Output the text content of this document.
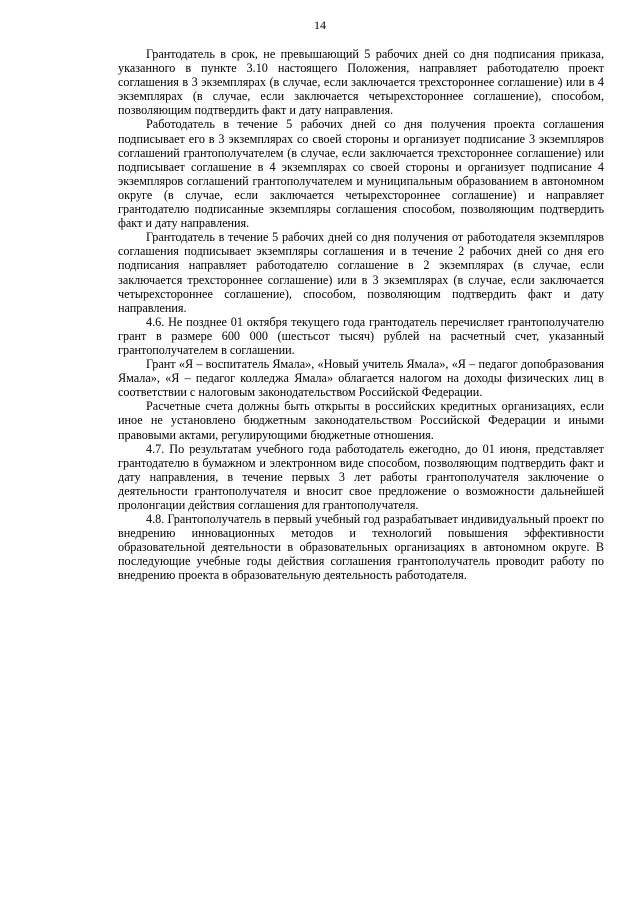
14

Грантодатель в срок, не превышающий 5 рабочих дней со дня подписания приказа, указанного в пункте 3.10 настоящего Положения, направляет работодателю проект соглашения в 3 экземплярах (в случае, если заключается трехстороннее соглашение) или в 4 экземплярах (в случае, если заключается четырехстороннее соглашение), способом, позволяющим подтвердить факт и дату направления.

Работодатель в течение 5 рабочих дней со дня получения проекта соглашения подписывает его в 3 экземплярах со своей стороны и организует подписание 3 экземпляров соглашений грантополучателем (в случае, если заключается трехстороннее соглашение) или подписывает соглашение в 4 экземплярах со своей стороны и организует подписание 4 экземпляров соглашений грантополучателем и муниципальным образованием в автономном округе (в случае, если заключается четырехстороннее соглашение) и направляет грантодателю подписанные экземпляры соглашения способом, позволяющим подтвердить факт и дату направления.

Грантодатель в течение 5 рабочих дней со дня получения от работодателя экземпляров соглашения подписывает экземпляры соглашения и в течение 2 рабочих дней со дня его подписания направляет работодателю соглашение в 2 экземплярах (в случае, если заключается трехстороннее соглашение) или в 3 экземплярах (в случае, если заключается четырехстороннее соглашение), способом, позволяющим подтвердить факт и дату направления.

4.6. Не позднее 01 октября текущего года грантодатель перечисляет грантополучателю грант в размере 600 000 (шестьсот тысяч) рублей на расчетный счет, указанный грантополучателем в соглашении.

Грант «Я – воспитатель Ямала», «Новый учитель Ямала», «Я – педагог допобразования Ямала», «Я – педагог колледжа Ямала» облагается налогом на доходы физических лиц в соответствии с налоговым законодательством Российской Федерации.

Расчетные счета должны быть открыты в российских кредитных организациях, если иное не установлено бюджетным законодательством Российской Федерации и иными правовыми актами, регулирующими бюджетные отношения.

4.7. По результатам учебного года работодатель ежегодно, до 01 июня, представляет грантодателю в бумажном и электронном виде способом, позволяющим подтвердить факт и дату направления, в течение первых 3 лет работы грантополучателя заключение о деятельности грантополучателя и вносит свое предложение о возможности дальнейшей пролонгации действия соглашения для грантополучателя.

4.8. Грантополучатель в первый учебный год разрабатывает индивидуальный проект по внедрению инновационных методов и технологий повышения эффективности образовательной деятельности в образовательных организациях в автономном округе. В последующие учебные годы действия соглашения грантополучатель проводит работу по внедрению проекта в образовательную деятельность работодателя.
